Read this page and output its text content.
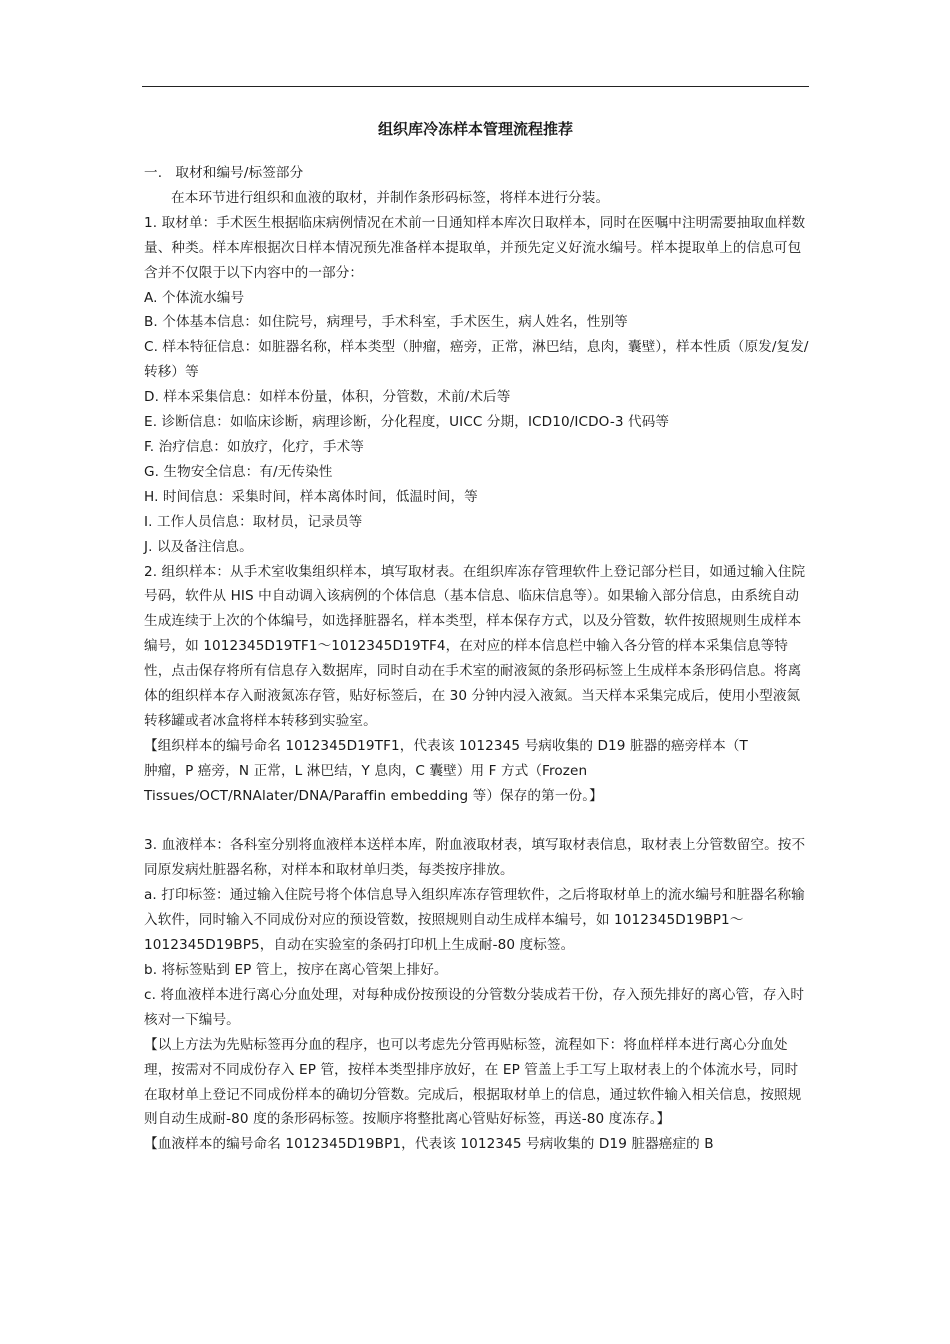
组织库冷冻样本管理流程推荐

一.   取材和编号/标签部分

在本环节进行组织和血液的取材，并制作条形码标签，将样本进行分装。

1. 取材单：手术医生根据临床病例情况在术前一日通知样本库次日取样本，同时在医嘱中注明需要抽取血样数量、种类。样本库根据次日样本情况预先准备样本提取单，并预先定义好流水编号。样本提取单上的信息可包含并不仅限于以下内容中的一部分：

A. 个体流水编号

B. 个体基本信息：如住院号，病理号，手术科室，手术医生，病人姓名，性别等

C. 样本特征信息：如脏器名称，样本类型（肿瘤，癌旁，正常，淋巴结，息肉，囊壁），样本性质（原发/复发/转移）等

D. 样本采集信息：如样本份量，体积，分管数，术前/术后等

E. 诊断信息：如临床诊断，病理诊断，分化程度，UICC 分期，ICD10/ICDO-3 代码等

F. 治疗信息：如放疗，化疗，手术等

G. 生物安全信息：有/无传染性

H. 时间信息：采集时间，样本离体时间，低温时间，等

I. 工作人员信息：取材员，记录员等

J. 以及备注信息。

2. 组织样本：从手术室收集组织样本，填写取材表。在组织库冻存管理软件上登记部分栏目，如通过输入住院号码，软件从 HIS 中自动调入该病例的个体信息（基本信息、临床信息等）。如果输入部分信息，由系统自动生成连续于上次的个体编号，如选择脏器名，样本类型，样本保存方式，以及分管数，软件按照规则生成样本编号，如 1012345D19TF1～1012345D19TF4，在对应的样本信息栏中输入各分管的样本采集信息等特性，点击保存将所有信息存入数据库，同时自动在手术室的耐液氮的条形码标签上生成样本条形码信息。将离体的组织样本存入耐液氮冻存管，贴好标签后，在 30 分钟内浸入液氮。当天样本采集完成后，使用小型液氮转移罐或者冰盒将样本转移到实验室。

【组织样本的编号命名 1012345D19TF1，代表该 1012345 号病收集的 D19 脏器的癌旁样本（T

肿瘤，P 癌旁，N 正常，L 淋巴结，Y 息肉，C 囊壁）用 F 方式（Frozen Tissues/OCT/RNAlater/DNA/Paraffin embedding 等）保存的第一份。】

3. 血液样本：各科室分别将血液样本送样本库，附血液取材表，填写取材表信息，取材表上分管数留空。按不同原发病灶脏器名称，对样本和取材单归类，每类按序排放。

a. 打印标签：通过输入住院号将个体信息导入组织库冻存管理软件，之后将取材单上的流水编号和脏器名称输入软件，同时输入不同成份对应的预设管数，按照规则自动生成样本编号，如 1012345D19BP1～1012345D19BP5，自动在实验室的条码打印机上生成耐-80 度标签。

b. 将标签贴到 EP 管上，按序在离心管架上排好。

c. 将血液样本进行离心分血处理，对每种成份按预设的分管数分装成若干份，存入预先排好的离心管，存入时核对一下编号。

【以上方法为先贴标签再分血的程序，也可以考虑先分管再贴标签，流程如下：将血样样本进行离心分血处理，按需对不同成份存入 EP 管，按样本类型排序放好，在 EP 管盖上手工写上取材表上的个体流水号，同时在取材单上登记不同成份样本的确切分管数。完成后，根据取材单上的信息，通过软件输入相关信息，按照规则自动生成耐-80 度的条形码标签。按顺序将整批离心管贴好标签，再送-80 度冻存。】

【血液样本的编号命名 1012345D19BP1，代表该 1012345 号病收集的 D19 脏器癌症的 B
